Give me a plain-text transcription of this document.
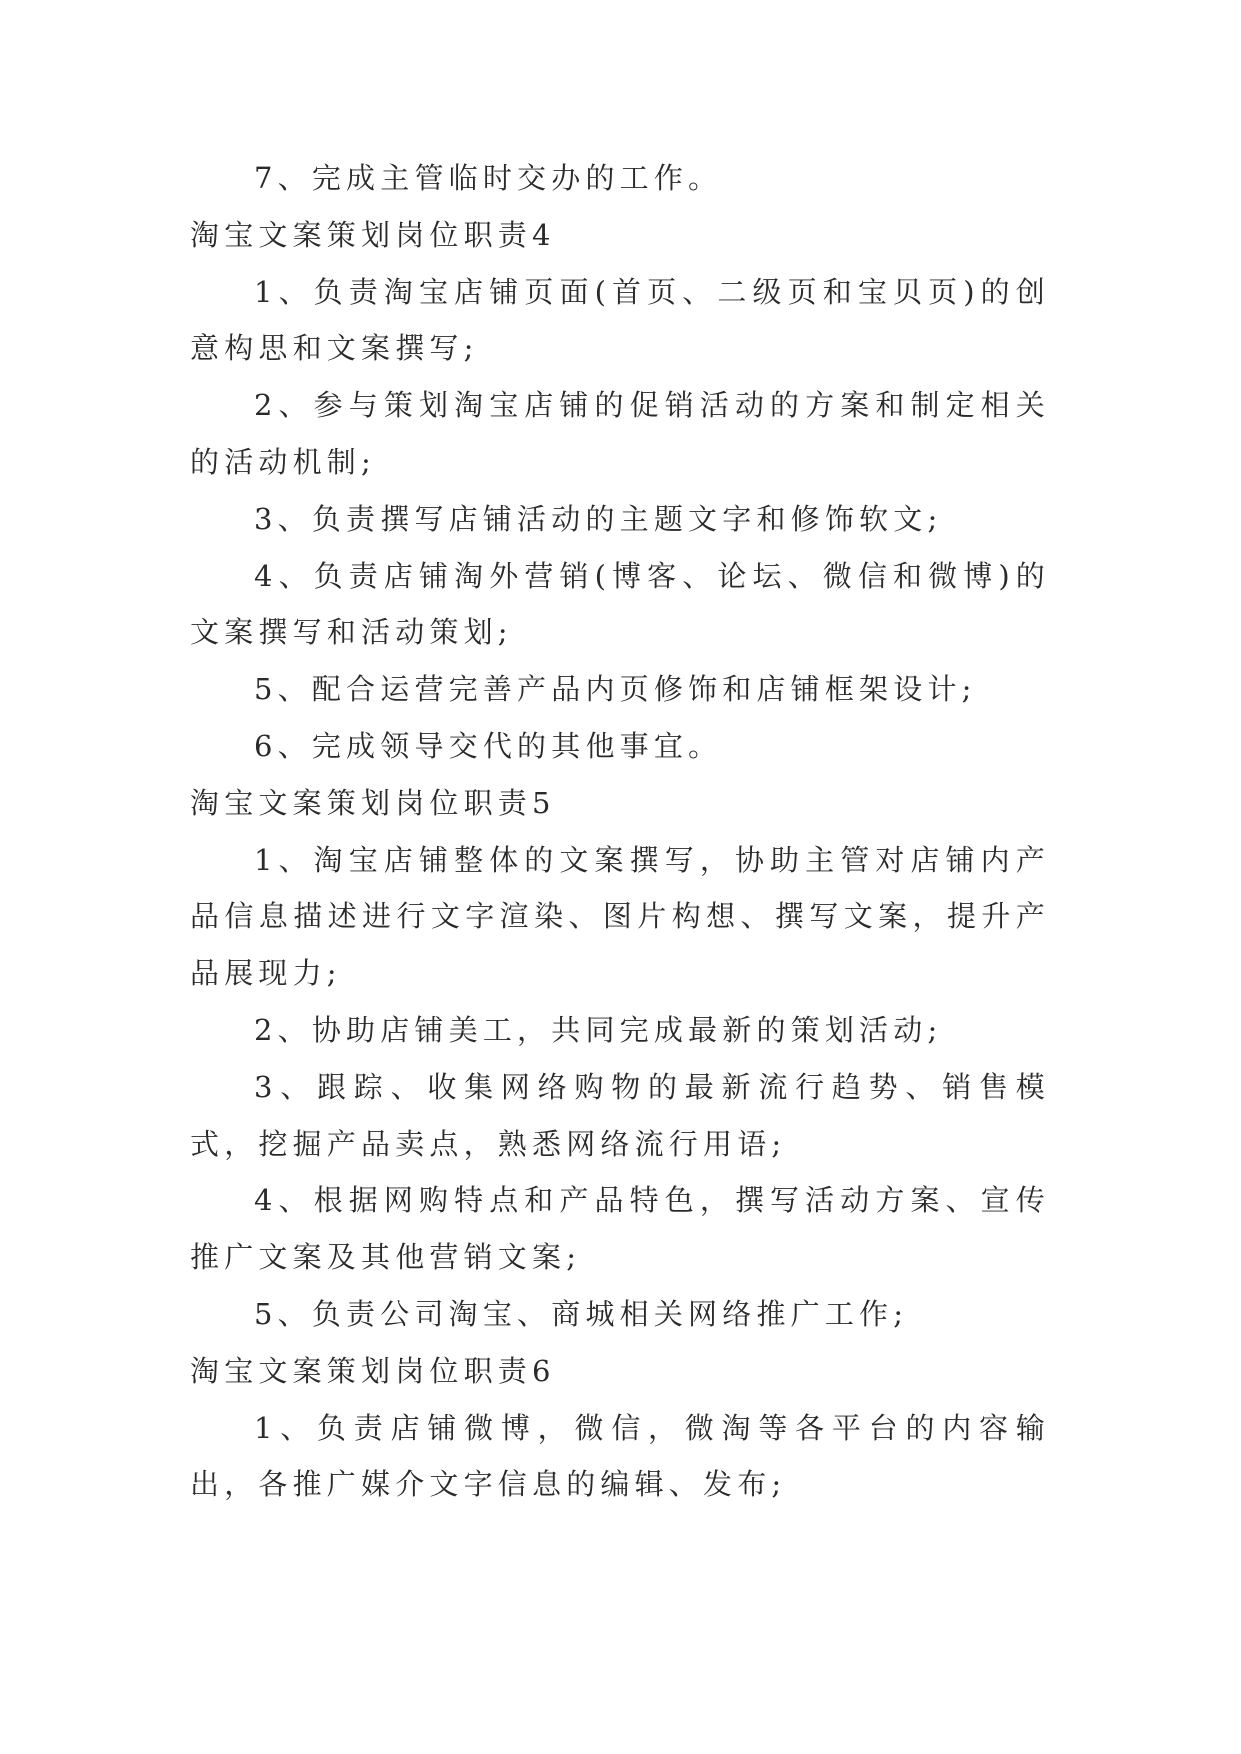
7、完成主管临时交办的工作。

淘宝文案策划岗位职责4

1、负责淘宝店铺页面(首页、二级页和宝贝页)的创意构思和文案撰写;

2、参与策划淘宝店铺的促销活动的方案和制定相关的活动机制;

3、负责撰写店铺活动的主题文字和修饰软文;

4、负责店铺淘外营销(博客、论坛、微信和微博)的文案撰写和活动策划;

5、配合运营完善产品内页修饰和店铺框架设计;

6、完成领导交代的其他事宜。

淘宝文案策划岗位职责5

1、淘宝店铺整体的文案撰写，协助主管对店铺内产品信息描述进行文字渲染、图片构想、撰写文案，提升产品展现力;

2、协助店铺美工，共同完成最新的策划活动;

3、跟踪、收集网络购物的最新流行趋势、销售模式，挖掘产品卖点，熟悉网络流行用语;

4、根据网购特点和产品特色，撰写活动方案、宣传推广文案及其他营销文案;

5、负责公司淘宝、商城相关网络推广工作;

淘宝文案策划岗位职责6

1、负责店铺微博，微信，微淘等各平台的内容输出，各推广媒介文字信息的编辑、发布;
